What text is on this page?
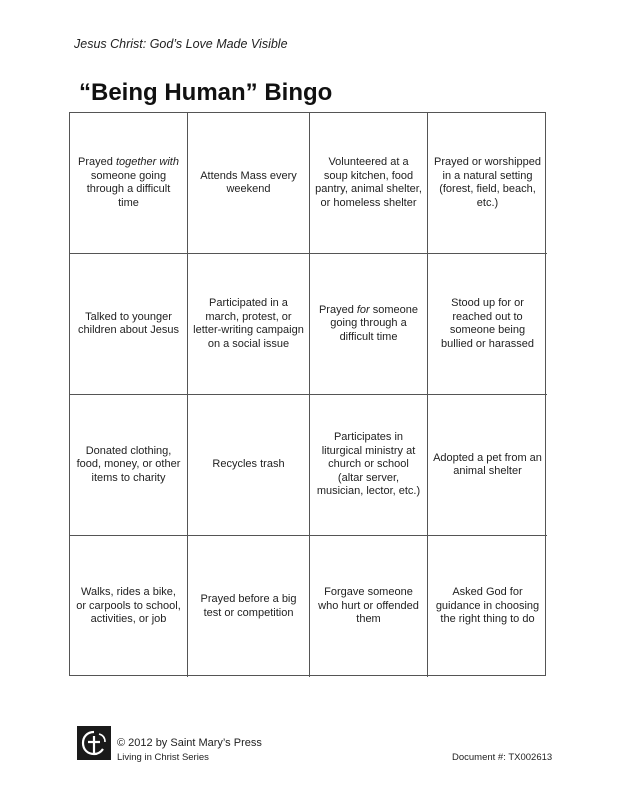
Jesus Christ: God’s Love Made Visible
“Being Human” Bingo
Prayed together with someone going through a difficult time
Attends Mass every weekend
Volunteered at a soup kitchen, food pantry, animal shelter, or homeless shelter
Prayed or worshipped in a natural setting (forest, field, beach, etc.)
Talked to younger children about Jesus
Participated in a march, protest, or letter-writing campaign on a social issue
Prayed for someone going through a difficult time
Stood up for or reached out to someone being bullied or harassed
Donated clothing, food, money, or other items to charity
Recycles trash
Participates in liturgical ministry at church or school (altar server, musician, lector, etc.)
Adopted a pet from an animal shelter
Walks, rides a bike, or carpools to school, activities, or job
Prayed before a big test or competition
Forgave someone who hurt or offended them
Asked God for guidance in choosing the right thing to do
© 2012 by Saint Mary’s Press
Living in Christ Series	Document #: TX002613
